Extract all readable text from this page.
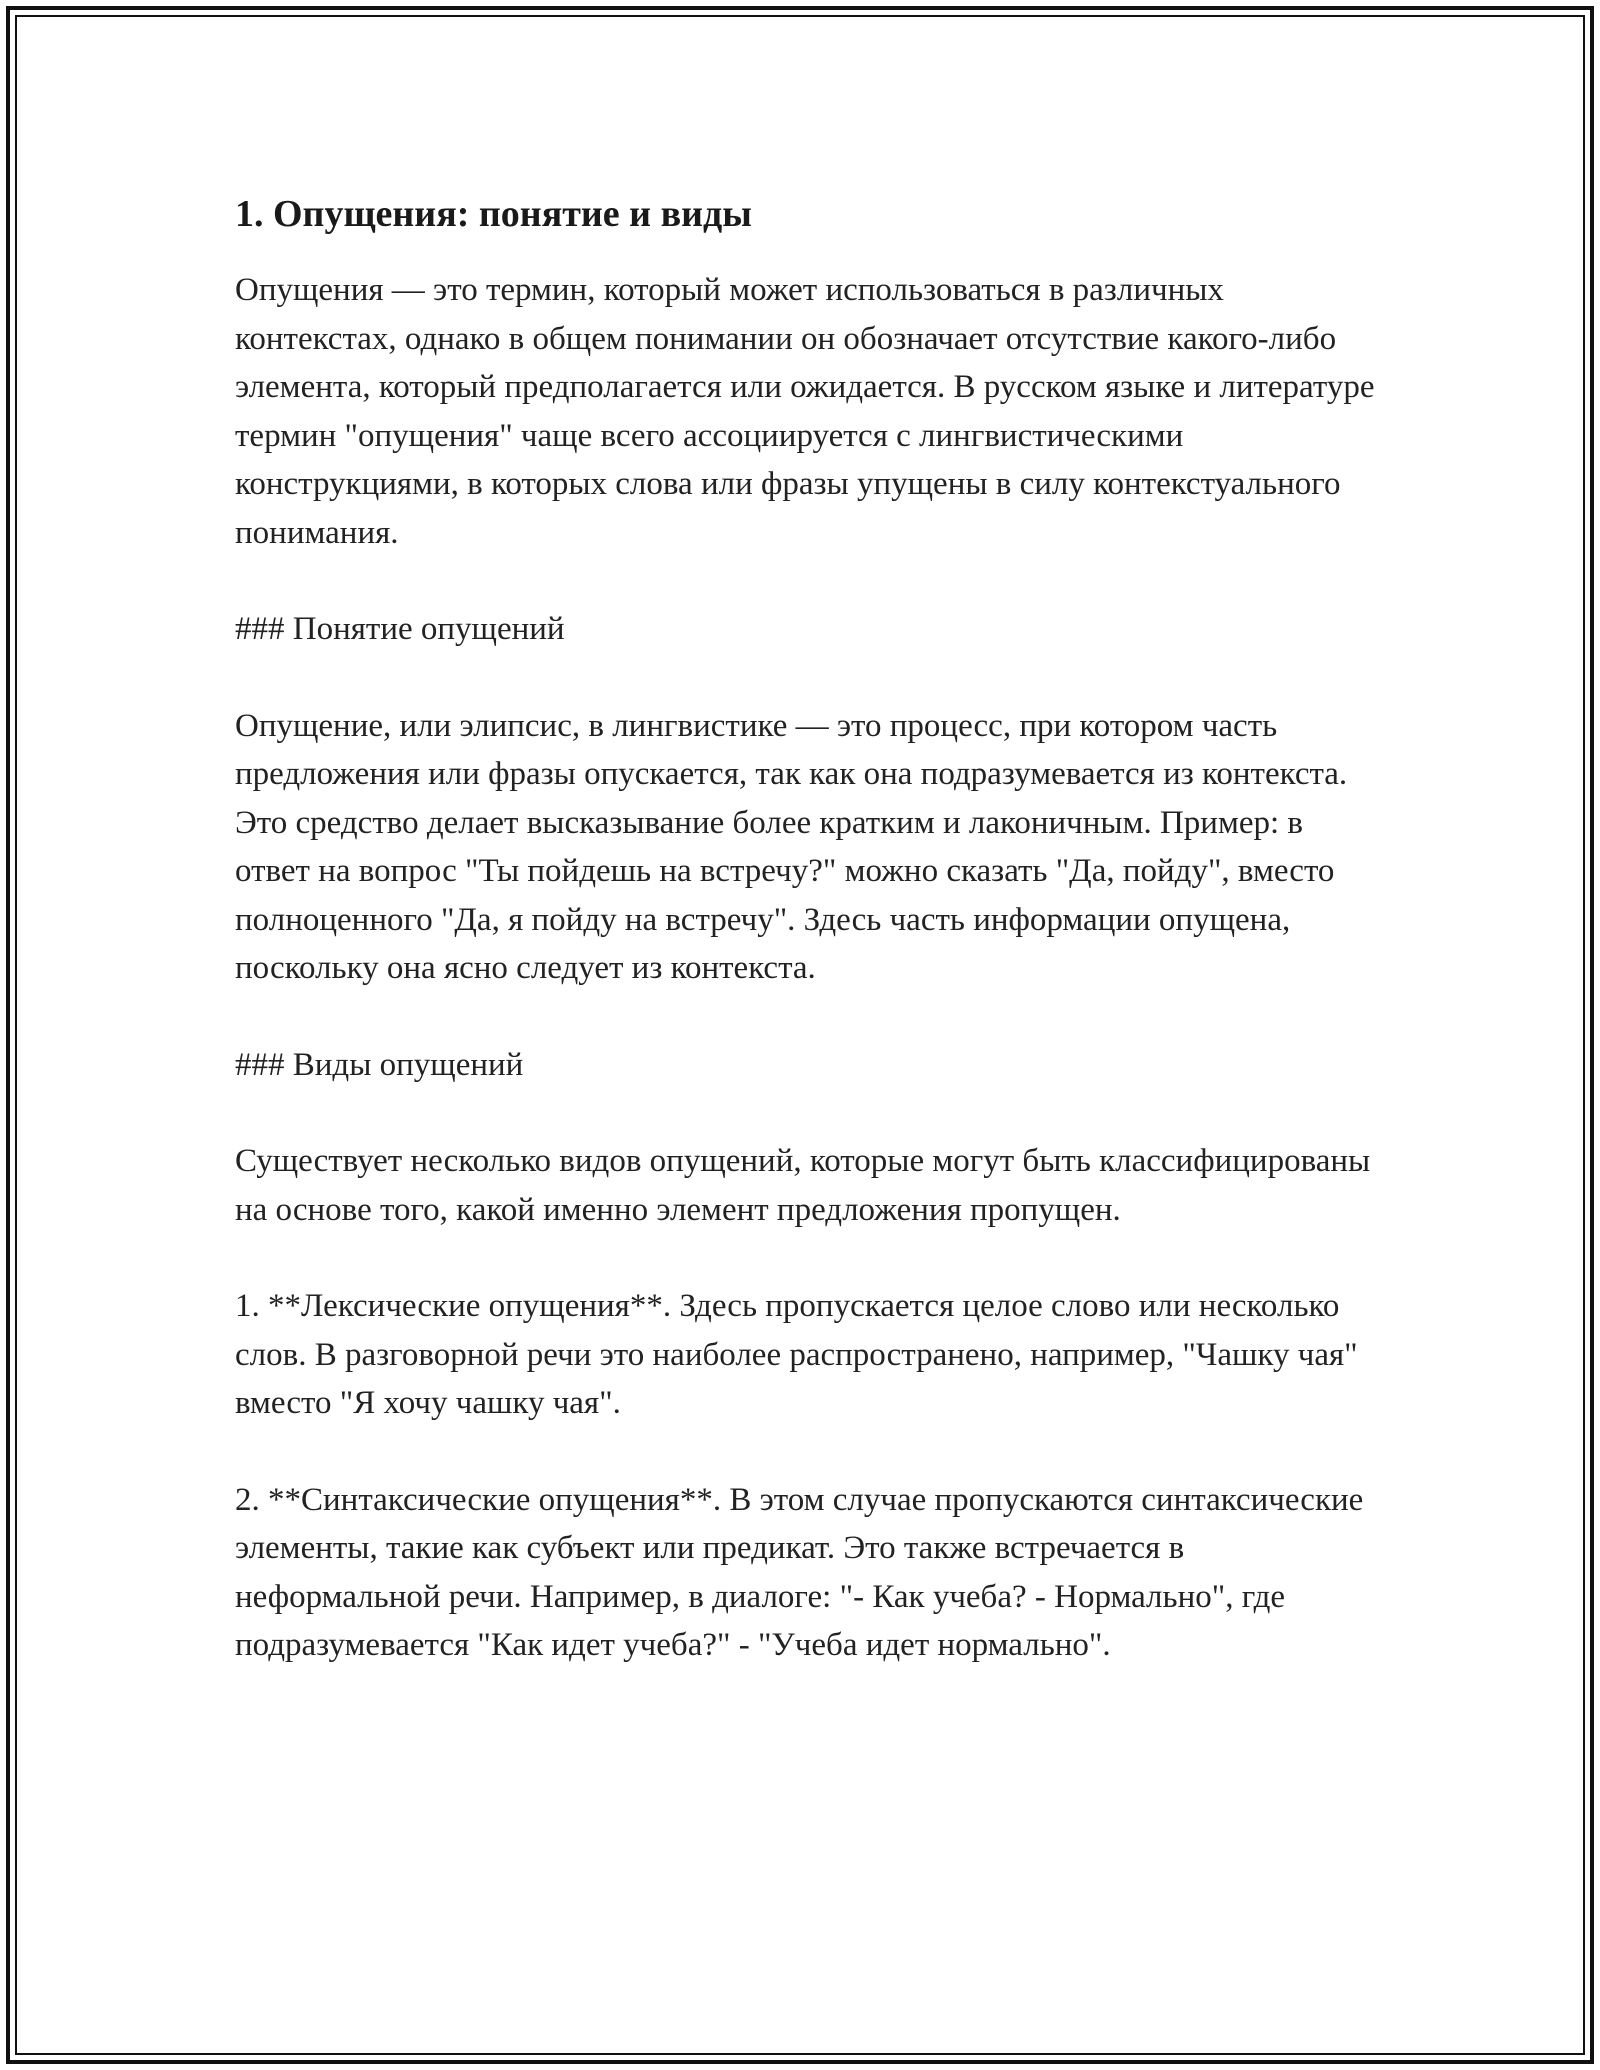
1. Опущения: понятие и виды

Опущения — это термин, который может использоваться в различных контекстах, однако в общем понимании он обозначает отсутствие какого-либо элемента, который предполагается или ожидается. В русском языке и литературе термин "опущения" чаще всего ассоциируется с лингвистическими конструкциями, в которых слова или фразы упущены в силу контекстуального понимания.

### Понятие опущений

Опущение, или элипсис, в лингвистике — это процесс, при котором часть предложения или фразы опускается, так как она подразумевается из контекста. Это средство делает высказывание более кратким и лаконичным. Пример: в ответ на вопрос "Ты пойдешь на встречу?" можно сказать "Да, пойду", вместо полноценного "Да, я пойду на встречу". Здесь часть информации опущена, поскольку она ясно следует из контекста.

### Виды опущений

Существует несколько видов опущений, которые могут быть классифицированы на основе того, какой именно элемент предложения пропущен.

1. **Лексические опущения**. Здесь пропускается целое слово или несколько слов. В разговорной речи это наиболее распространено, например, "Чашку чая" вместо "Я хочу чашку чая".

2. **Синтаксические опущения**. В этом случае пропускаются синтаксические элементы, такие как субъект или предикат. Это также встречается в неформальной речи. Например, в диалоге: "- Как учеба? - Нормально", где подразумевается "Как идет учеба?" - "Учеба идет нормально".
